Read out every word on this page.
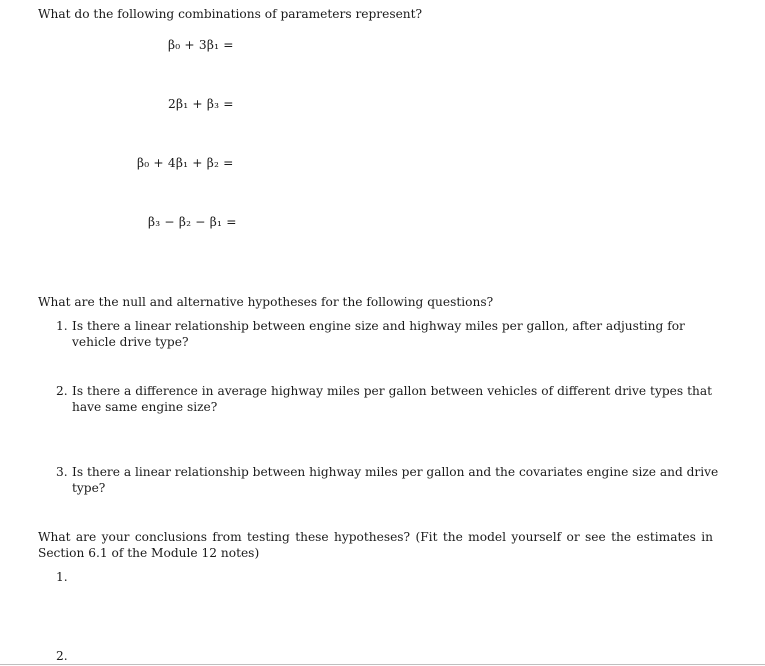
What do the following combinations of parameters represent?
β₀ + 3β₁ =
2β₁ + β₃ =
β₀ + 4β₁ + β₂ =
β₃ − β₂ − β₁ =
What are the null and alternative hypotheses for the following questions?
1. Is there a linear relationship between engine size and highway miles per gallon, after adjusting for vehicle drive type?
2. Is there a difference in average highway miles per gallon between vehicles of different drive types that have same engine size?
3. Is there a linear relationship between highway miles per gallon and the covariates engine size and drive type?
What are your conclusions from testing these hypotheses? (Fit the model yourself or see the estimates in Section 6.1 of the Module 12 notes)
1.
2.
